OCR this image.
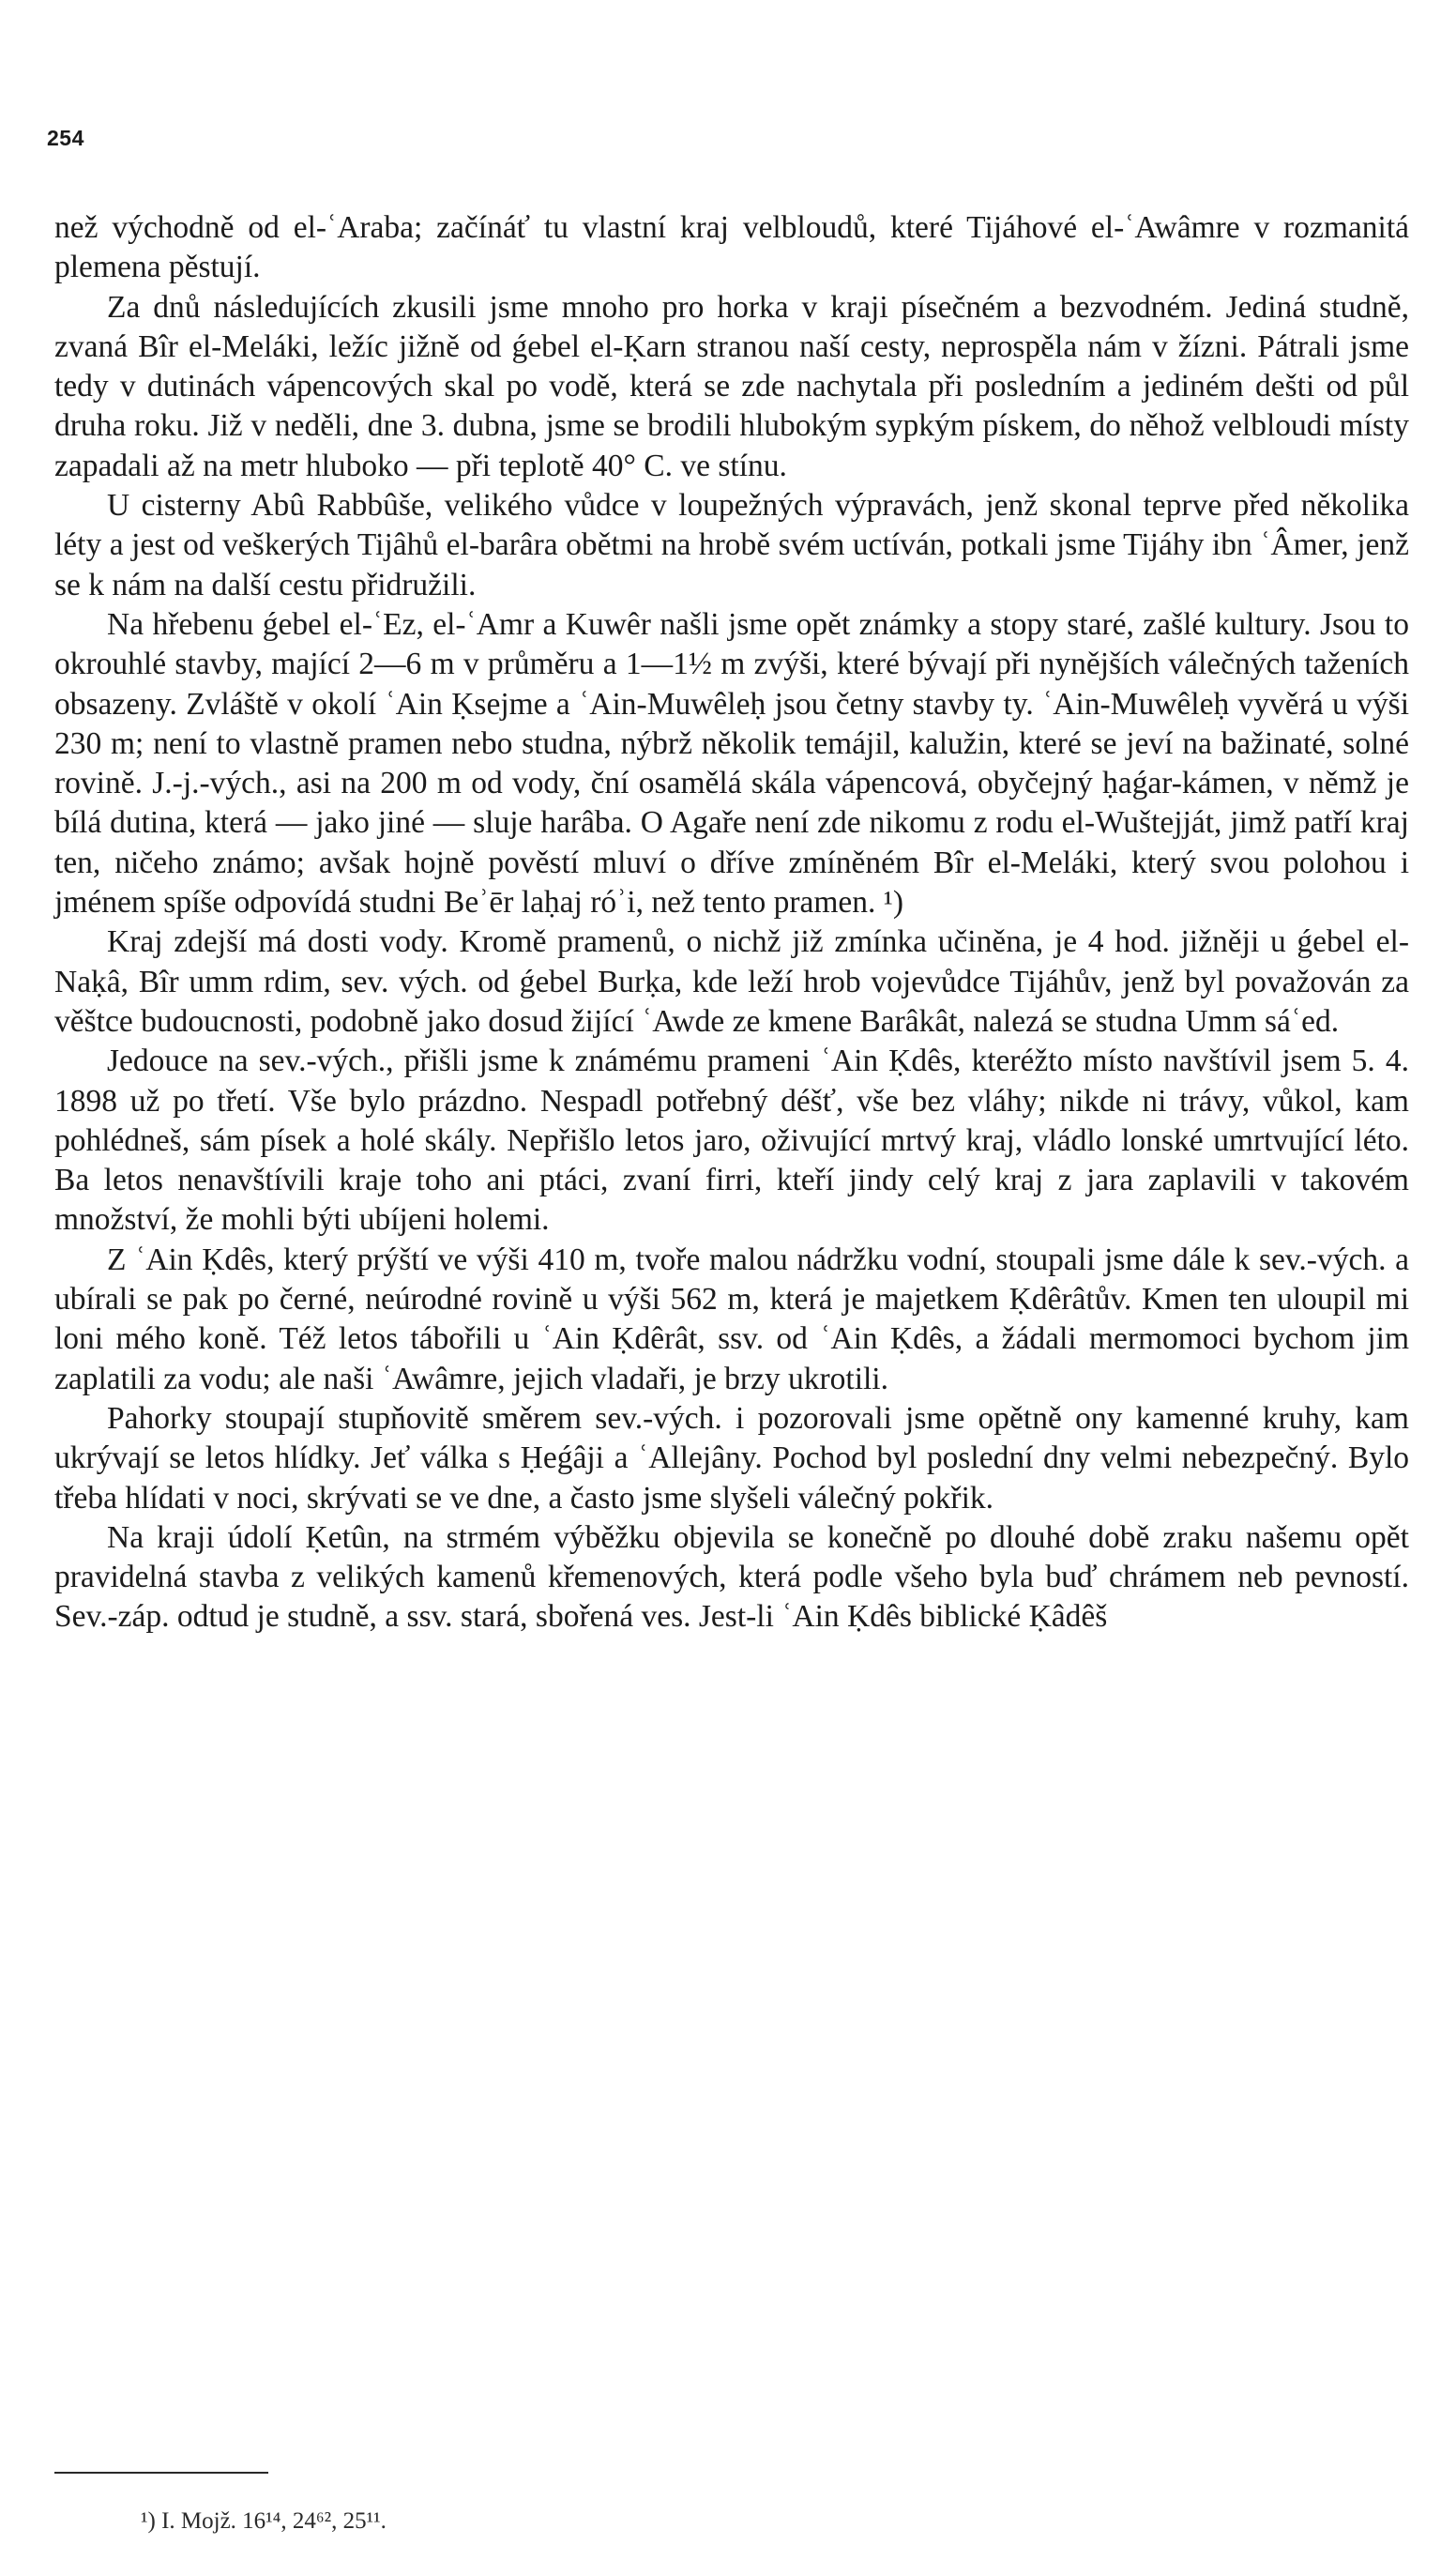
254

než východně od el-ʿAraba; začínáť tu vlastní kraj velbloudů, které Tijáhové el-ʿAwâmre v rozmanitá plemena pěstují.

Za dnů následujících zkusili jsme mnoho pro horka v kraji písečném a bezvodném. Jediná studně, zvaná Bîr el-Meláki, ležíc jižně od ǵebel el-Ḳarn stranou naší cesty, neprospěla nám v žízni. Pátrali jsme tedy v dutinách vápencových skal po vodě, která se zde nachytala při posledním a jediném dešti od půl druha roku. Již v neděli, dne 3. dubna, jsme se brodili hlubokým sypkým pískem, do něhož velbloudi místy zapadali až na metr hluboko — při teplotě 40° C. ve stínu.

U cisterny Abû Rabbûše, velikého vůdce v loupežných výpravách, jenž skonal teprve před několika léty a jest od veškerých Tijâhů el-barâra obětmi na hrobě svém uctíván, potkali jsme Tijáhy ibn ʿÂmer, jenž se k nám na další cestu přidružili.

Na hřebenu ǵebel el-ʿEz, el-ʿAmr a Kuwêr našli jsme opět známky a stopy staré, zašlé kultury. Jsou to okrouhlé stavby, mající 2—6 m v průměru a 1—1½ m zvýši, které bývají při nynějších válečných taženích obsazeny. Zvláště v okolí ʿAin Ḳsejme a ʿAin-Muwêleḥ jsou četny stavby ty. ʿAin-Muwêleḥ vyvěrá u výši 230 m; není to vlastně pramen nebo studna, nýbrž několik temájil, kalužin, které se jeví na bažinaté, solné rovině. J.-j.-vých., asi na 200 m od vody, ční osamělá skála vápencová, obyčejný ḥaǵar-kámen, v němž je bílá dutina, která — jako jiné — sluje harâba. O Agaře není zde nikomu z rodu el-Wuštejját, jimž patří kraj ten, ničeho známo; avšak hojně pověstí mluví o dříve zmíněném Bîr el-Meláki, který svou polohou i jménem spíše odpovídá studni Beʾēr laḥaj róʾi, než tento pramen. ¹)

Kraj zdejší má dosti vody. Kromě pramenů, o nichž již zmínka učiněna, je 4 hod. jižněji u ǵebel el-Naḳâ, Bîr umm rdim, sev. vých. od ǵebel Burḳa, kde leží hrob vojevůdce Tijáhův, jenž byl považován za věštce budoucnosti, podobně jako dosud žijící ʿAwde ze kmene Barâkât, nalezá se studna Umm sáʿed.

Jedouce na sev.-vých., přišli jsme k známému prameni ʿAin Ḳdês, kteréžto místo navštívil jsem 5. 4. 1898 už po třetí. Vše bylo prázdno. Nespadl potřebný déšť, vše bez vláhy; nikde ni trávy, vůkol, kam pohlédneš, sám písek a holé skály. Nepřišlo letos jaro, oživující mrtvý kraj, vládlo lonské umrtvující léto. Ba letos nenavštívili kraje toho ani ptáci, zvaní firri, kteří jindy celý kraj z jara zaplavili v takovém množství, že mohli býti ubíjeni holemi.

Z ʿAin Ḳdês, který prýští ve výši 410 m, tvoře malou nádržku vodní, stoupali jsme dále k sev.-vých. a ubírali se pak po černé, neúrodné rovině u výši 562 m, která je majetkem Ḳdêrâtův. Kmen ten uloupil mi loni mého koně. Též letos tábořili u ʿAin Ḳdêrât, ssv. od ʿAin Ḳdês, a žádali mermomoci bychom jim zaplatili za vodu; ale naši ʿAwâmre, jejich vladaři, je brzy ukrotili.

Pahorky stoupají stupňovitě směrem sev.-vých. i pozorovali jsme opětně ony kamenné kruhy, kam ukrývají se letos hlídky. Jeť válka s Ḥeǵâji a ʿAllejâny. Pochod byl poslední dny velmi nebezpečný. Bylo třeba hlídati v noci, skrývati se ve dne, a často jsme slyšeli válečný pokřik.

Na kraji údolí Ḳetûn, na strmém výběžku objevila se konečně po dlouhé době zraku našemu opět pravidelná stavba z velikých kamenů křemenových, která podle všeho byla buď chrámem neb pevností. Sev.-záp. odtud je studně, a ssv. stará, sbořená ves. Jest-li ʿAin Ḳdês biblické Ḳâdêš

¹) I. Mojž. 16¹⁴, 24⁶², 25¹¹.
